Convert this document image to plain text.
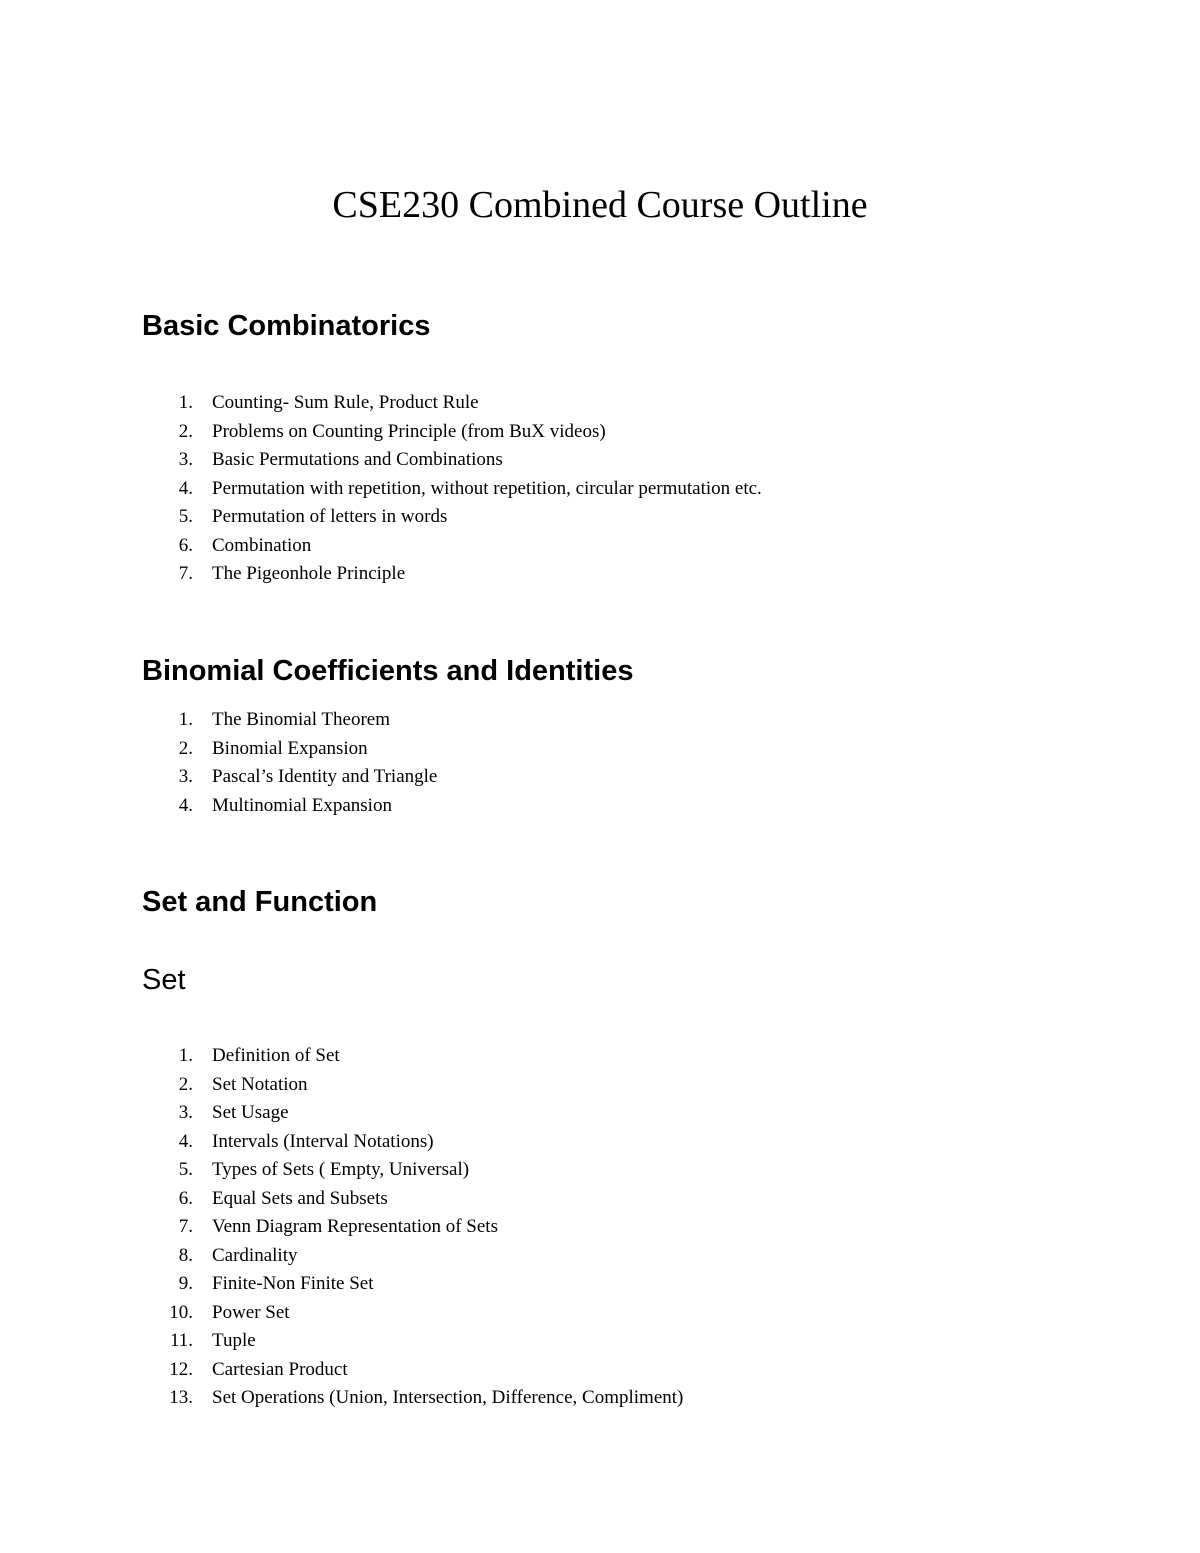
CSE230 Combined Course Outline
Basic Combinatorics
1. Counting- Sum Rule, Product Rule
2. Problems on Counting Principle (from BuX videos)
3. Basic Permutations and Combinations
4. Permutation with repetition, without repetition, circular permutation etc.
5. Permutation of letters in words
6. Combination
7. The Pigeonhole Principle
Binomial Coefficients and Identities
1. The Binomial Theorem
2. Binomial Expansion
3. Pascal’s Identity and Triangle
4. Multinomial Expansion
Set and Function
Set
1. Definition of Set
2. Set Notation
3. Set Usage
4. Intervals (Interval Notations)
5. Types of Sets ( Empty, Universal)
6. Equal Sets and Subsets
7. Venn Diagram Representation of Sets
8. Cardinality
9. Finite-Non Finite Set
10. Power Set
11. Tuple
12. Cartesian Product
13. Set Operations (Union, Intersection, Difference, Compliment)
